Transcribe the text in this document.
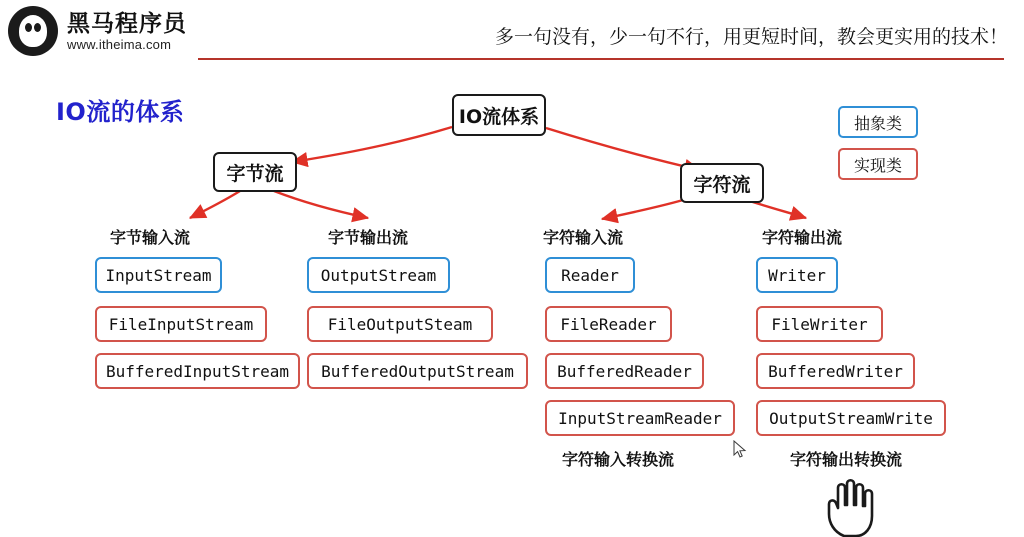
黑马程序员
www.itheima.com	多一句没有，少一句不行，用更短时间，教会更实用的技术！
IO流的体系	IO流体系
字节流	字符流
字节输入流	字节输出流	字符输入流	字符输出流
InputStream
FileInputStream
BufferedInputStream
OutputStream
FileOutputSteam
BufferedOutputStream
Reader
FileReader
BufferedReader
InputStreamReader
字符输入转换流
Writer
FileWriter
BufferedWriter
OutputStreamWrite
字符输出转换流
抽象类
实现类
